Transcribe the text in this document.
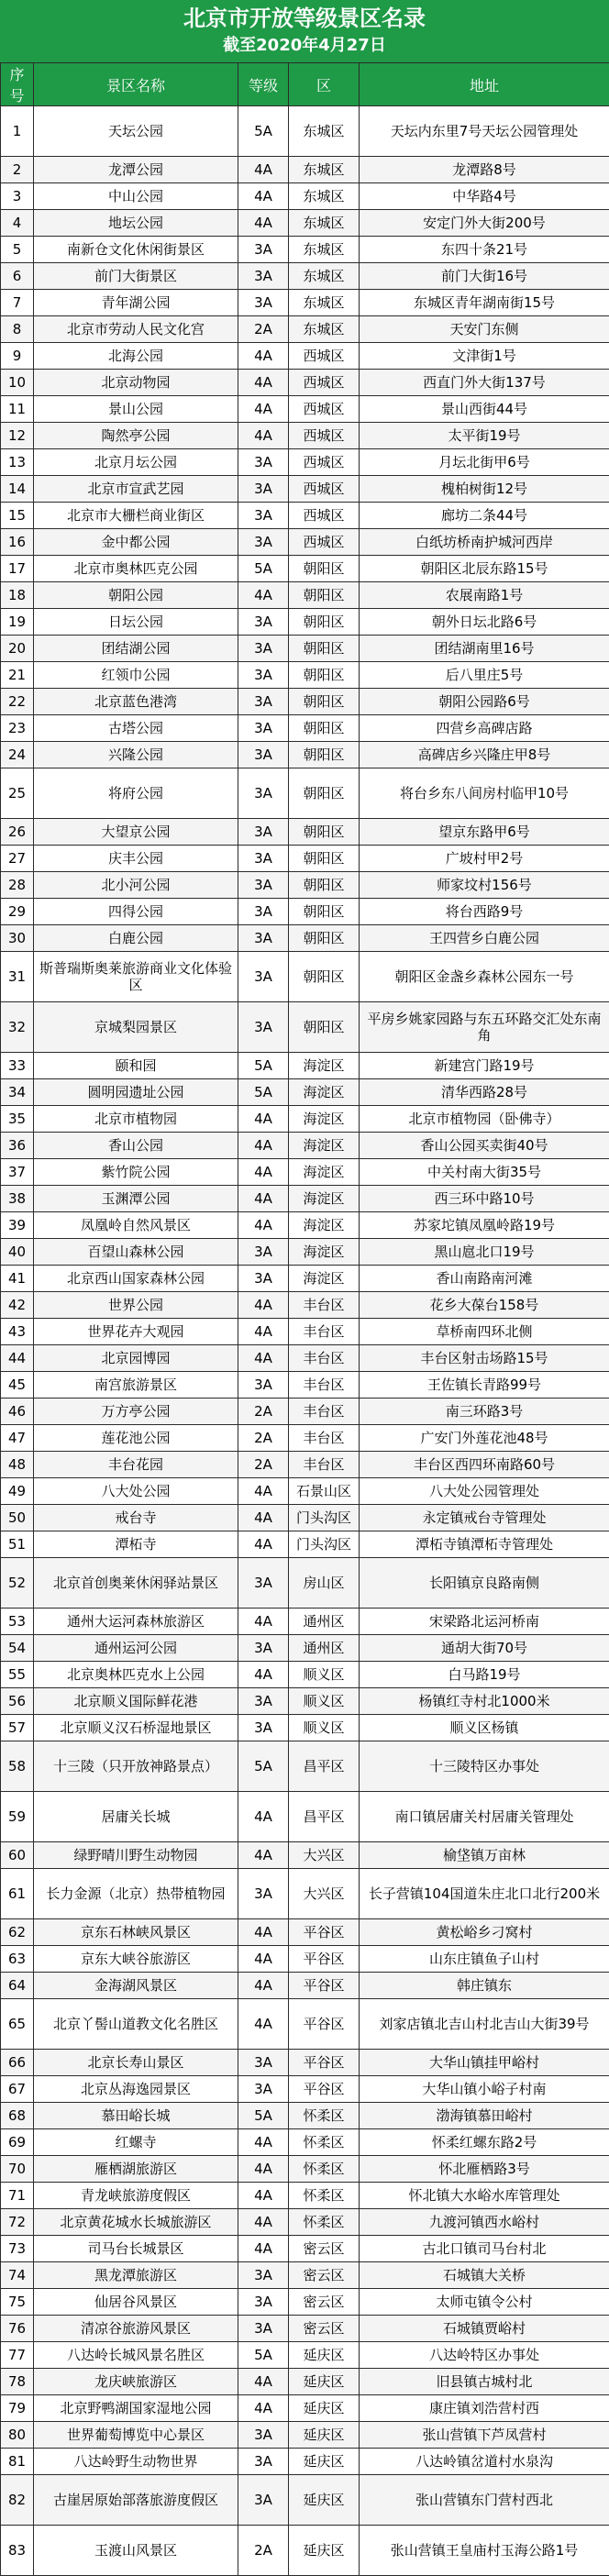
北京市开放等级景区名录
截至2020年4月27日
序号	景区名称	等级	区	地址
1	天坛公园	5A	东城区	天坛内东里7号天坛公园管理处
2	龙潭公园	4A	东城区	龙潭路8号
3	中山公园	4A	东城区	中华路4号
4	地坛公园	4A	东城区	安定门外大街200号
5	南新仓文化休闲街景区	3A	东城区	东四十条21号
6	前门大街景区	3A	东城区	前门大街16号
7	青年湖公园	3A	东城区	东城区青年湖南街15号
8	北京市劳动人民文化宫	2A	东城区	天安门东侧
9	北海公园	4A	西城区	文津街1号
10	北京动物园	4A	西城区	西直门外大街137号
11	景山公园	4A	西城区	景山西街44号
12	陶然亭公园	4A	西城区	太平街19号
13	北京月坛公园	3A	西城区	月坛北街甲6号
14	北京市宣武艺园	3A	西城区	槐柏树街12号
15	北京市大栅栏商业街区	3A	西城区	廊坊二条44号
16	金中都公园	3A	西城区	白纸坊桥南护城河西岸
17	北京市奥林匹克公园	5A	朝阳区	朝阳区北辰东路15号
18	朝阳公园	4A	朝阳区	农展南路1号
19	日坛公园	3A	朝阳区	朝外日坛北路6号
20	团结湖公园	3A	朝阳区	团结湖南里16号
21	红领巾公园	3A	朝阳区	后八里庄5号
22	北京蓝色港湾	3A	朝阳区	朝阳公园路6号
23	古塔公园	3A	朝阳区	四营乡高碑店路
24	兴隆公园	3A	朝阳区	高碑店乡兴隆庄甲8号
25	将府公园	3A	朝阳区	将台乡东八间房村临甲10号
26	大望京公园	3A	朝阳区	望京东路甲6号
27	庆丰公园	3A	朝阳区	广坡村甲2号
28	北小河公园	3A	朝阳区	师家坟村156号
29	四得公园	3A	朝阳区	将台西路9号
30	白鹿公园	3A	朝阳区	王四营乡白鹿公园
31	斯普瑞斯奥莱旅游商业文化体验区	3A	朝阳区	朝阳区金盏乡森林公园东一号
32	京城梨园景区	3A	朝阳区	平房乡姚家园路与东五环路交汇处东南角
33	颐和园	5A	海淀区	新建宫门路19号
34	圆明园遗址公园	5A	海淀区	清华西路28号
35	北京市植物园	4A	海淀区	北京市植物园（卧佛寺）
36	香山公园	4A	海淀区	香山公园买卖街40号
37	紫竹院公园	4A	海淀区	中关村南大街35号
38	玉渊潭公园	4A	海淀区	西三环中路10号
39	凤凰岭自然风景区	4A	海淀区	苏家坨镇凤凰岭路19号
40	百望山森林公园	3A	海淀区	黑山扈北口19号
41	北京西山国家森林公园	3A	海淀区	香山南路南河滩
42	世界公园	4A	丰台区	花乡大葆台158号
43	世界花卉大观园	4A	丰台区	草桥南四环北侧
44	北京园博园	4A	丰台区	丰台区射击场路15号
45	南宫旅游景区	3A	丰台区	王佐镇长青路99号
46	万方亭公园	2A	丰台区	南三环路3号
47	莲花池公园	2A	丰台区	广安门外莲花池48号
48	丰台花园	2A	丰台区	丰台区西四环南路60号
49	八大处公园	4A	石景山区	八大处公园管理处
50	戒台寺	4A	门头沟区	永定镇戒台寺管理处
51	潭柘寺	4A	门头沟区	潭柘寺镇潭柘寺管理处
52	北京首创奥莱休闲驿站景区	3A	房山区	长阳镇京良路南侧
53	通州大运河森林旅游区	4A	通州区	宋梁路北运河桥南
54	通州运河公园	3A	通州区	通胡大街70号
55	北京奥林匹克水上公园	4A	顺义区	白马路19号
56	北京顺义国际鲜花港	3A	顺义区	杨镇红寺村北1000米
57	北京顺义汉石桥湿地景区	3A	顺义区	顺义区杨镇
58	十三陵（只开放神路景点）	5A	昌平区	十三陵特区办事处
59	居庸关长城	4A	昌平区	南口镇居庸关村居庸关管理处
60	绿野晴川野生动物园	4A	大兴区	榆垡镇万亩林
61	长力金源（北京）热带植物园	3A	大兴区	长子营镇104国道朱庄北口北行200米
62	京东石林峡风景区	4A	平谷区	黄松峪乡刁窝村
63	京东大峡谷旅游区	4A	平谷区	山东庄镇鱼子山村
64	金海湖风景区	4A	平谷区	韩庄镇东
65	北京丫髻山道教文化名胜区	4A	平谷区	刘家店镇北吉山村北吉山大街39号
66	北京长寿山景区	3A	平谷区	大华山镇挂甲峪村
67	北京丛海逸园景区	3A	平谷区	大华山镇小峪子村南
68	慕田峪长城	5A	怀柔区	渤海镇慕田峪村
69	红螺寺	4A	怀柔区	怀柔红螺东路2号
70	雁栖湖旅游区	4A	怀柔区	怀北雁栖路3号
71	青龙峡旅游度假区	4A	怀柔区	怀北镇大水峪水库管理处
72	北京黄花城水长城旅游区	4A	怀柔区	九渡河镇西水峪村
73	司马台长城景区	4A	密云区	古北口镇司马台村北
74	黑龙潭旅游区	3A	密云区	石城镇大关桥
75	仙居谷风景区	3A	密云区	太师屯镇令公村
76	清凉谷旅游风景区	3A	密云区	石城镇贾峪村
77	八达岭长城风景名胜区	5A	延庆区	八达岭特区办事处
78	龙庆峡旅游区	4A	延庆区	旧县镇古城村北
79	北京野鸭湖国家湿地公园	4A	延庆区	康庄镇刘浩营村西
80	世界葡萄博览中心景区	3A	延庆区	张山营镇下芦凤营村
81	八达岭野生动物世界	3A	延庆区	八达岭镇岔道村水泉沟
82	古崖居原始部落旅游度假区	3A	延庆区	张山营镇东门营村西北
83	玉渡山风景区	2A	延庆区	张山营镇王皇庙村玉海公路1号
